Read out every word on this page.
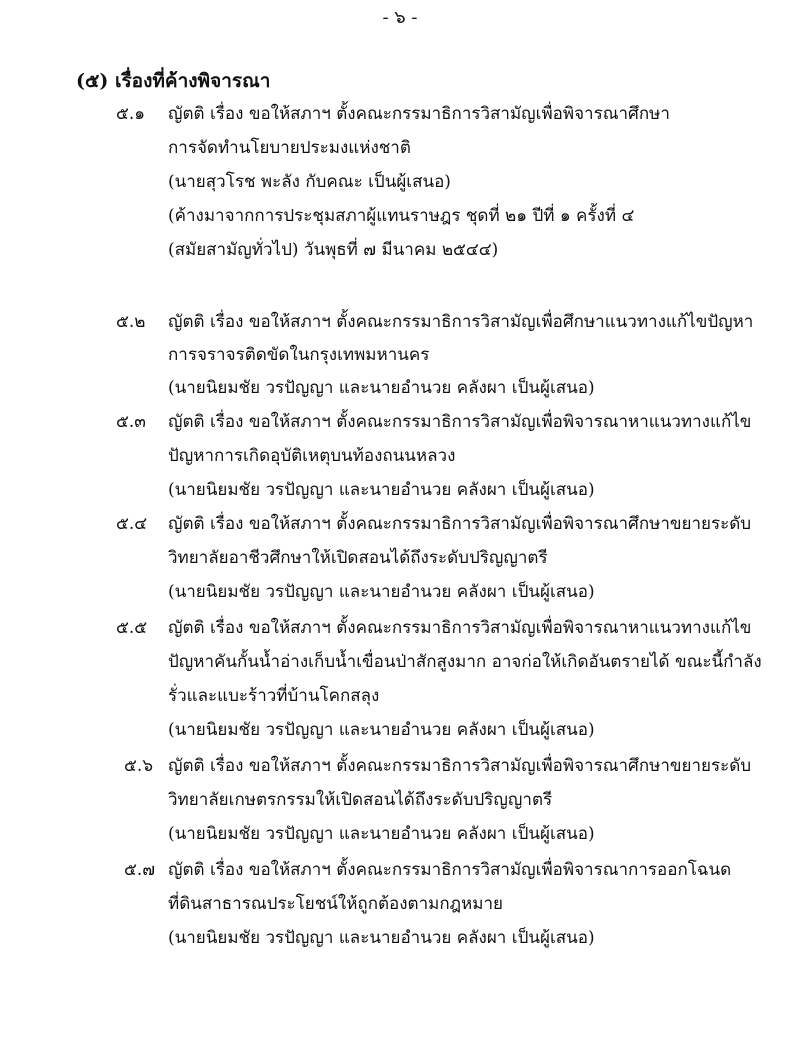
- ๖ -
(๕) เรื่องที่ค้างพิจารณา
๕.๑ ญัตติ เรื่อง ขอให้สภาฯ ตั้งคณะกรรมาธิการวิสามัญเพื่อพิจารณาศึกษา
การจัดทำนโยบายประมงแห่งชาติ
(นายสุวโรช พะลัง กับคณะ เป็นผู้เสนอ)
(ค้างมาจากการประชุมสภาผู้แทนราษฎร ชุดที่ ๒๑ ปีที่ ๑ ครั้งที่ ๔
(สมัยสามัญทั่วไป) วันพุธที่ ๗ มีนาคม ๒๕๔๔)
๕.๒ ญัตติ เรื่อง ขอให้สภาฯ ตั้งคณะกรรมาธิการวิสามัญเพื่อศึกษาแนวทางแก้ไขปัญหา
การจราจรติดขัดในกรุงเทพมหานคร
(นายนิยมชัย วรปัญญา และนายอำนวย คลังผา เป็นผู้เสนอ)
๕.๓ ญัตติ เรื่อง ขอให้สภาฯ ตั้งคณะกรรมาธิการวิสามัญเพื่อพิจารณาหาแนวทางแก้ไข
ปัญหาการเกิดอุบัติเหตุบนท้องถนนหลวง
(นายนิยมชัย วรปัญญา และนายอำนวย คลังผา เป็นผู้เสนอ)
๕.๔ ญัตติ เรื่อง ขอให้สภาฯ ตั้งคณะกรรมาธิการวิสามัญเพื่อพิจารณาศึกษาขยายระดับ
วิทยาลัยอาชีวศึกษาให้เปิดสอนได้ถึงระดับปริญญาตรี
(นายนิยมชัย วรปัญญา และนายอำนวย คลังผา เป็นผู้เสนอ)
๕.๕ ญัตติ เรื่อง ขอให้สภาฯ ตั้งคณะกรรมาธิการวิสามัญเพื่อพิจารณาหาแนวทางแก้ไข
ปัญหาคันกั้นน้ำอ่างเก็บน้ำเขื่อนป่าสักสูงมาก อาจก่อให้เกิดอันตรายได้ ขณะนี้กำลัง
รั่วและแบะร้าวที่บ้านโคกสลุง
(นายนิยมชัย วรปัญญา และนายอำนวย คลังผา เป็นผู้เสนอ)
๕.๖ ญัตติ เรื่อง ขอให้สภาฯ ตั้งคณะกรรมาธิการวิสามัญเพื่อพิจารณาศึกษาขยายระดับ
วิทยาลัยเกษตรกรรมให้เปิดสอนได้ถึงระดับปริญญาตรี
(นายนิยมชัย วรปัญญา และนายอำนวย คลังผา เป็นผู้เสนอ)
๕.๗ ญัตติ เรื่อง ขอให้สภาฯ ตั้งคณะกรรมาธิการวิสามัญเพื่อพิจารณาการออกโฉนด
ที่ดินสาธารณประโยชน์ให้ถูกต้องตามกฎหมาย
(นายนิยมชัย วรปัญญา และนายอำนวย คลังผา เป็นผู้เสนอ)
